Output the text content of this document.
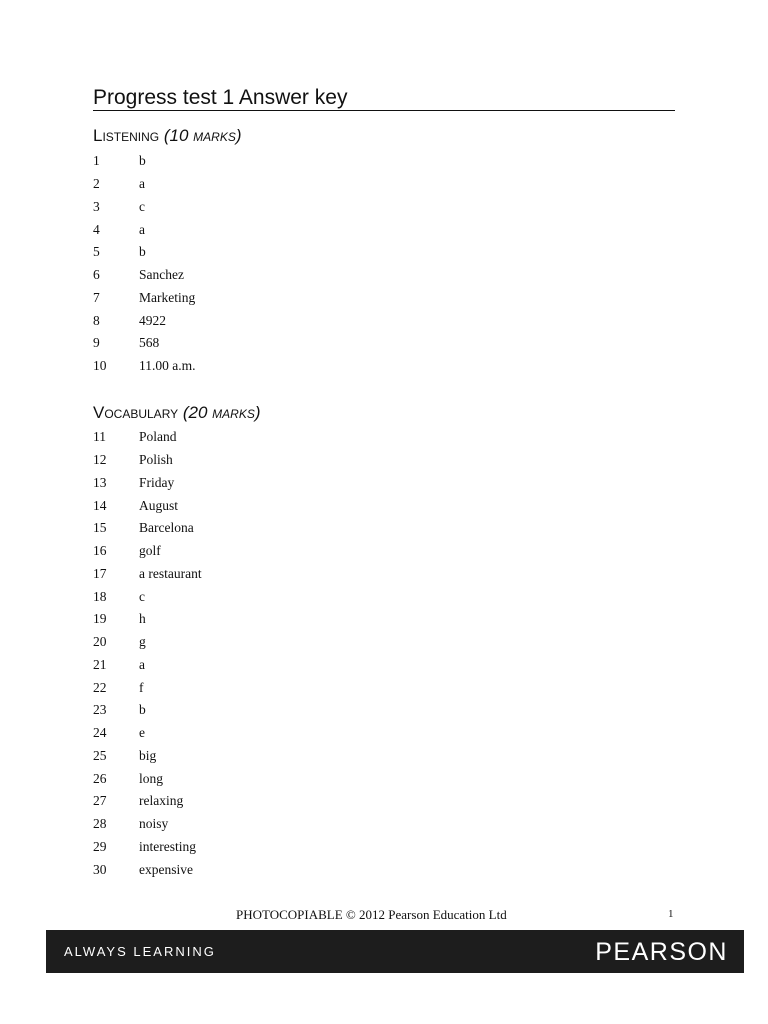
Progress test 1 Answer key
Listening (10 marks)
1	b
2	a
3	c
4	a
5	b
6	Sanchez
7	Marketing
8	4922
9	568
10	11.00 a.m.
Vocabulary (20 marks)
11	Poland
12	Polish
13	Friday
14	August
15	Barcelona
16	golf
17	a restaurant
18	c
19	h
20	g
21	a
22	f
23	b
24	e
25	big
26	long
27	relaxing
28	noisy
29	interesting
30	expensive
PHOTOCOPIABLE © 2012 Pearson Education Ltd	1
ALWAYS LEARNING	PEARSON
